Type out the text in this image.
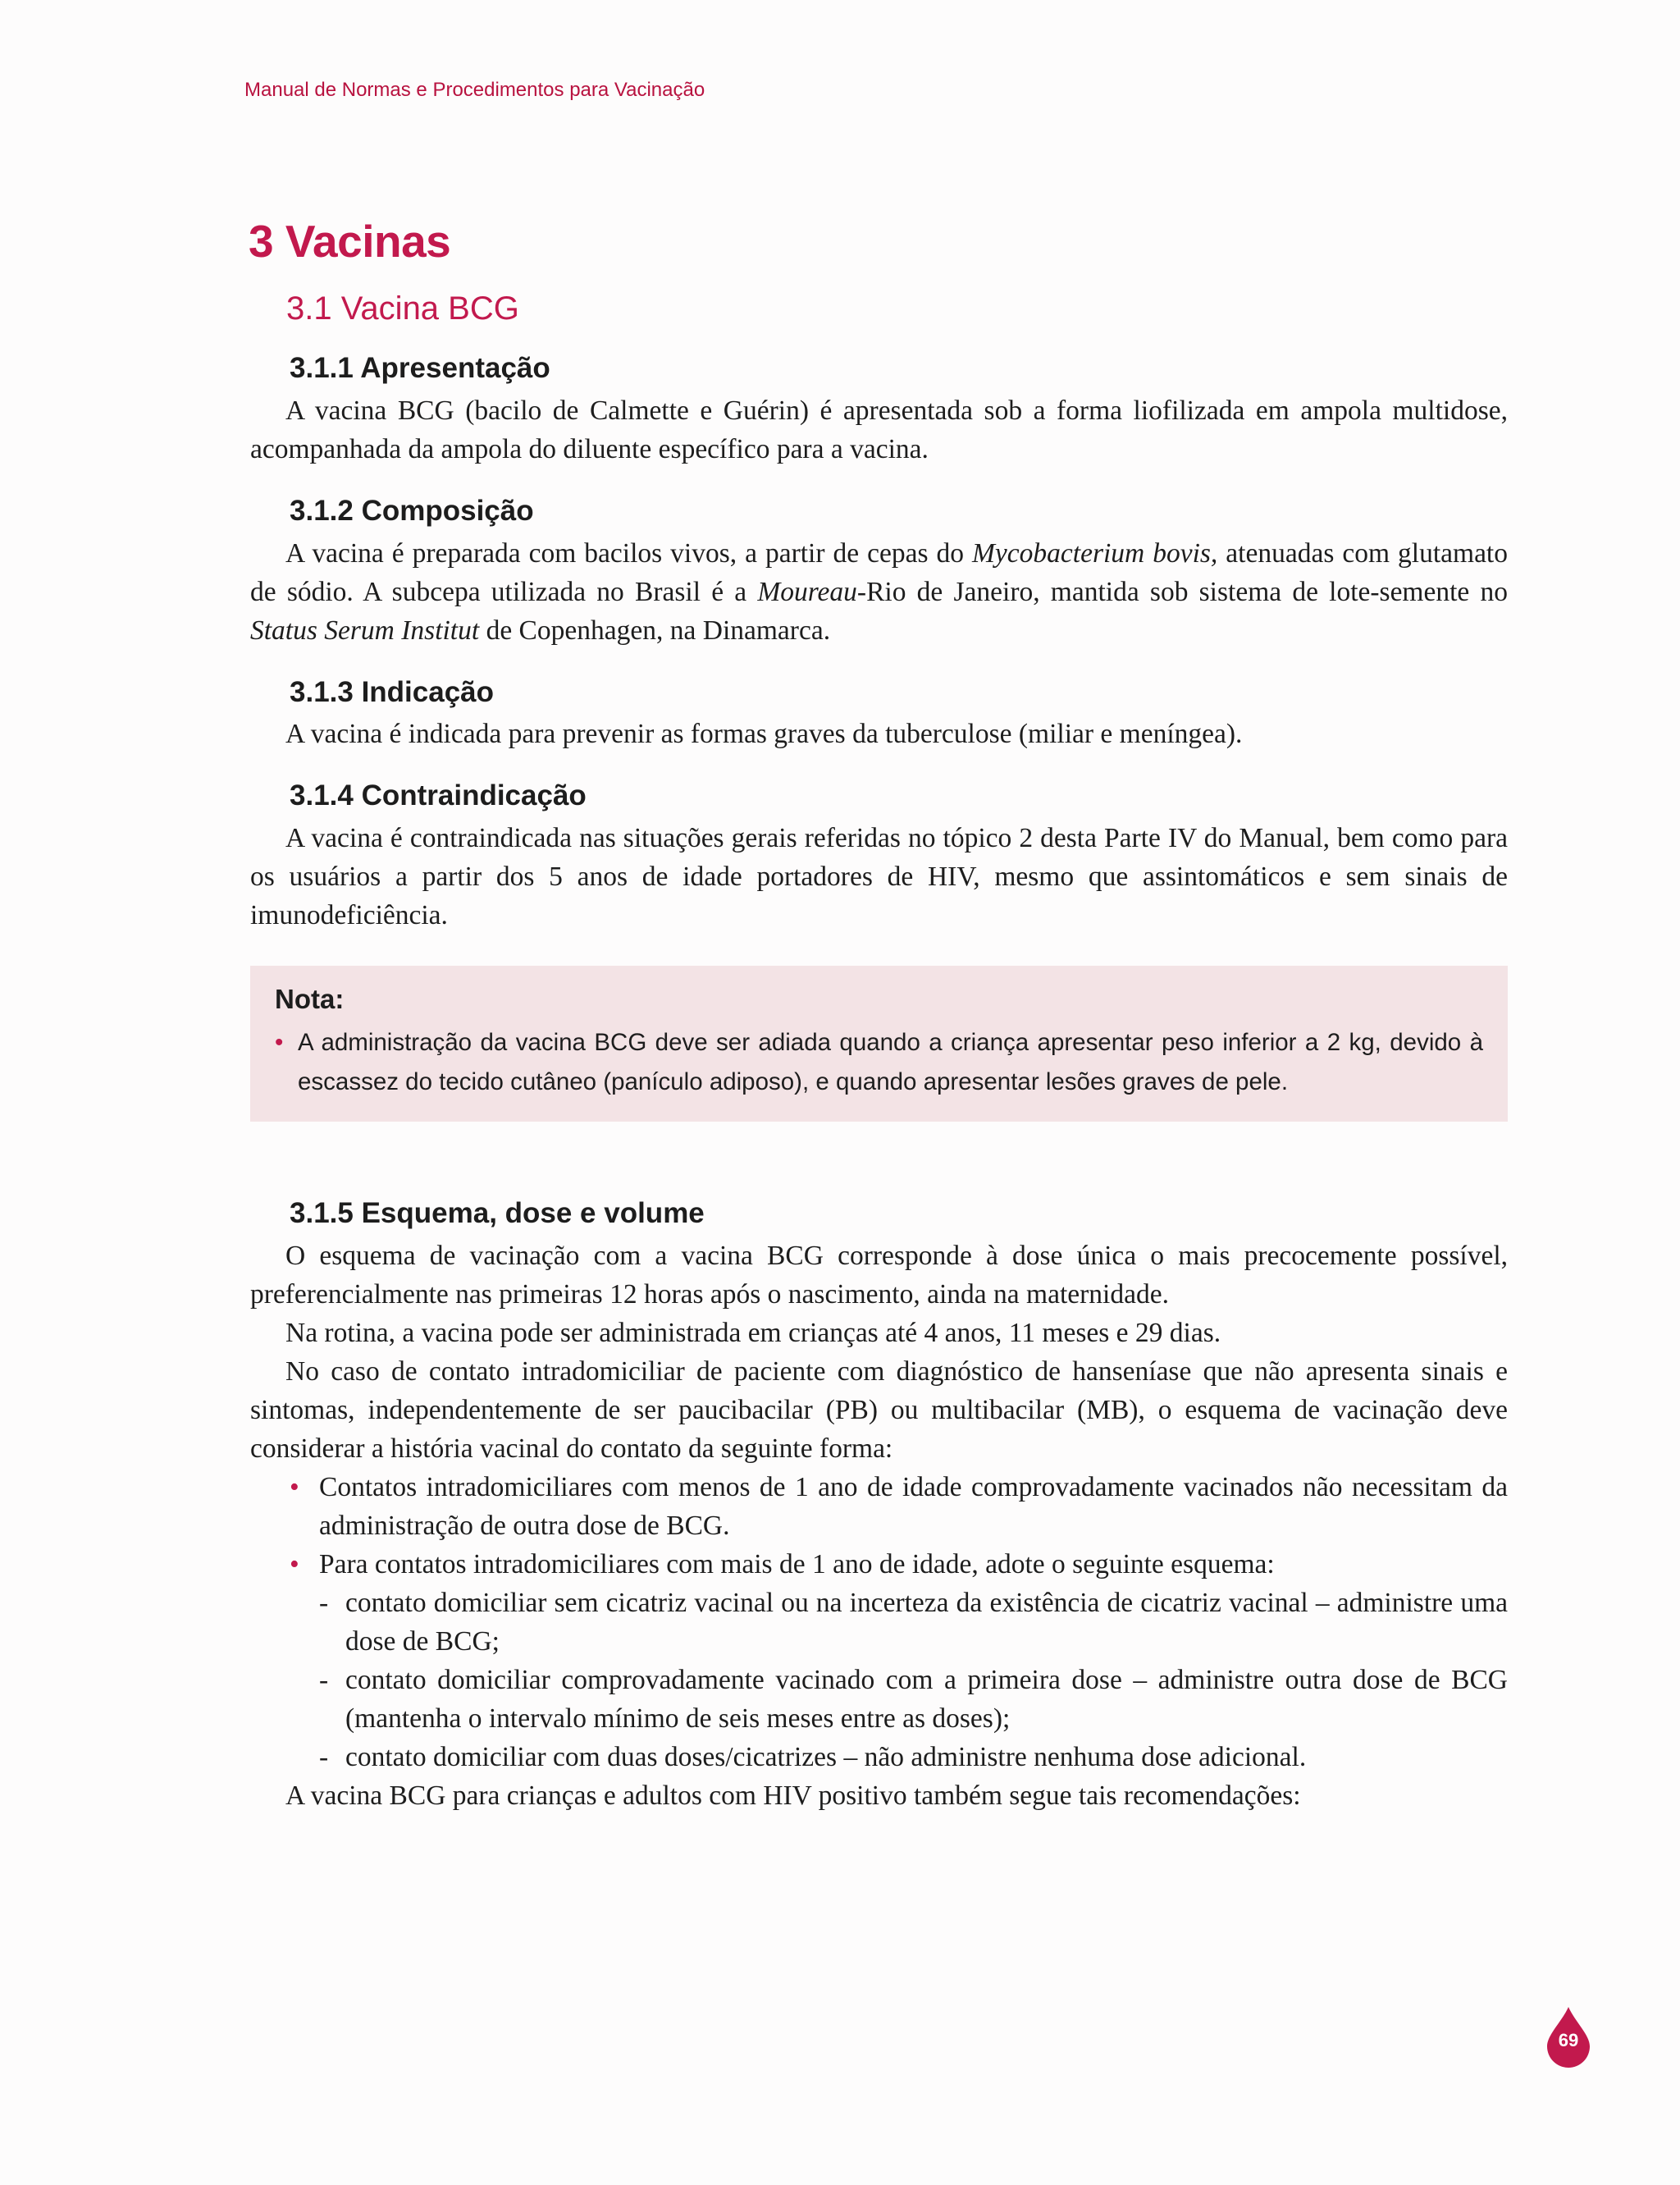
Manual de Normas e Procedimentos para Vacinação
3 Vacinas
3.1 Vacina BCG
3.1.1 Apresentação

A vacina BCG (bacilo de Calmette e Guérin) é apresentada sob a forma liofilizada em ampola multidose, acompanhada da ampola do diluente específico para a vacina.

3.1.2 Composição

A vacina é preparada com bacilos vivos, a partir de cepas do Mycobacterium bovis, atenuadas com glutamato de sódio. A subcepa utilizada no Brasil é a Moureau-Rio de Janeiro, mantida sob sistema de lote-semente no Status Serum Institut de Copenhagen, na Dinamarca.

3.1.3 Indicação

A vacina é indicada para prevenir as formas graves da tuberculose (miliar e meníngea).

3.1.4 Contraindicação

A vacina é contraindicada nas situações gerais referidas no tópico 2 desta Parte IV do Manual, bem como para os usuários a partir dos 5 anos de idade portadores de HIV, mesmo que assintomáticos e sem sinais de imunodeficiência.

Nota:
• A administração da vacina BCG deve ser adiada quando a criança apresentar peso inferior a 2 kg, devido à escassez do tecido cutâneo (panículo adiposo), e quando apresentar lesões graves de pele.
3.1.5 Esquema, dose e volume

O esquema de vacinação com a vacina BCG corresponde à dose única o mais precocemente possível, preferencialmente nas primeiras 12 horas após o nascimento, ainda na maternidade.

Na rotina, a vacina pode ser administrada em crianças até 4 anos, 11 meses e 29 dias.

No caso de contato intradomiciliar de paciente com diagnóstico de hanseníase que não apresenta sinais e sintomas, independentemente de ser paucibacilar (PB) ou multibacilar (MB), o esquema de vacinação deve considerar a história vacinal do contato da seguinte forma:

• Contatos intradomiciliares com menos de 1 ano de idade comprovadamente vacinados não necessitam da administração de outra dose de BCG.
• Para contatos intradomiciliares com mais de 1 ano de idade, adote o seguinte esquema:
- contato domiciliar sem cicatriz vacinal ou na incerteza da existência de cicatriz vacinal – administre uma dose de BCG;
- contato domiciliar comprovadamente vacinado com a primeira dose – administre outra dose de BCG (mantenha o intervalo mínimo de seis meses entre as doses);
- contato domiciliar com duas doses/cicatrizes – não administre nenhuma dose adicional.

A vacina BCG para crianças e adultos com HIV positivo também segue tais recomendações:

69
